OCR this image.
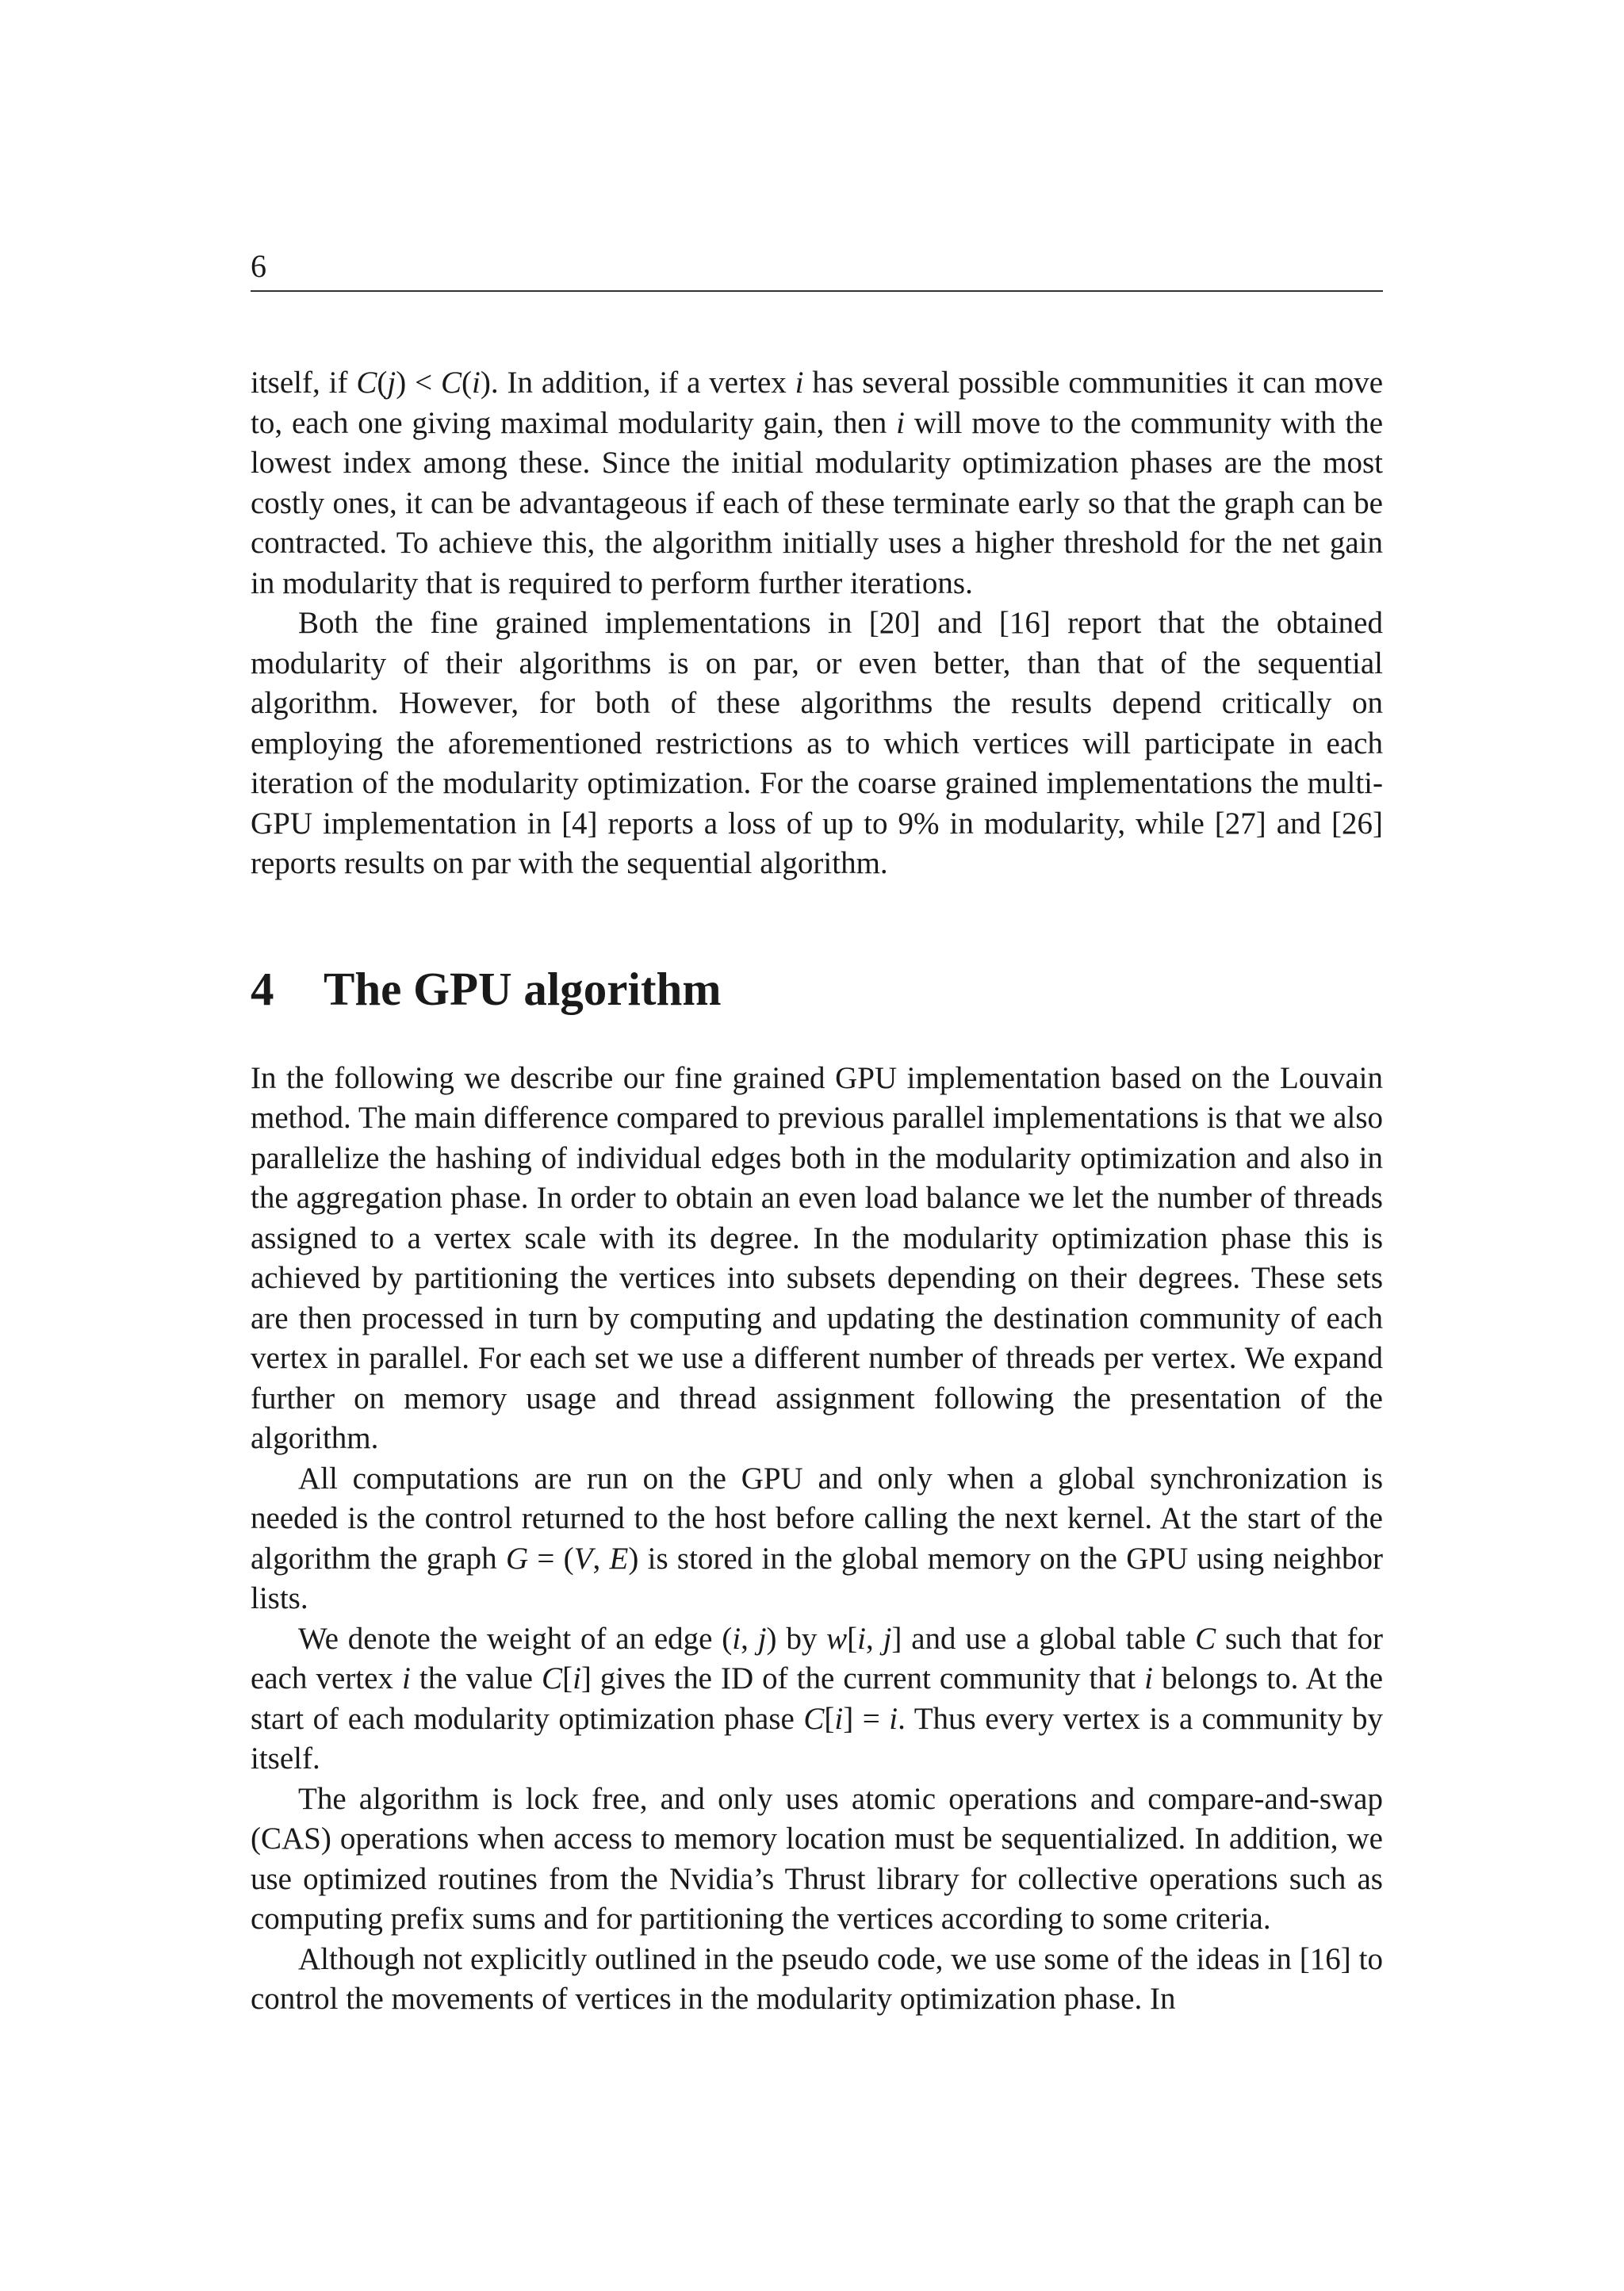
6

itself, if C(j) < C(i). In addition, if a vertex i has several possible communities it can move to, each one giving maximal modularity gain, then i will move to the community with the lowest index among these. Since the initial modularity optimization phases are the most costly ones, it can be advantageous if each of these terminate early so that the graph can be contracted. To achieve this, the algorithm initially uses a higher threshold for the net gain in modularity that is required to perform further iterations.

Both the fine grained implementations in [20] and [16] report that the obtained modularity of their algorithms is on par, or even better, than that of the sequential algorithm. However, for both of these algorithms the results depend critically on employing the aforementioned restrictions as to which vertices will participate in each iteration of the modularity optimization. For the coarse grained implementations the multi-GPU implementation in [4] reports a loss of up to 9% in modularity, while [27] and [26] reports results on par with the sequential algorithm.

4 The GPU algorithm

In the following we describe our fine grained GPU implementation based on the Louvain method. The main difference compared to previous parallel implementations is that we also parallelize the hashing of individual edges both in the modularity optimization and also in the aggregation phase. In order to obtain an even load balance we let the number of threads assigned to a vertex scale with its degree. In the modularity optimization phase this is achieved by partitioning the vertices into subsets depending on their degrees. These sets are then processed in turn by computing and updating the destination community of each vertex in parallel. For each set we use a different number of threads per vertex. We expand further on memory usage and thread assignment following the presentation of the algorithm.

All computations are run on the GPU and only when a global synchronization is needed is the control returned to the host before calling the next kernel. At the start of the algorithm the graph G = (V, E) is stored in the global memory on the GPU using neighbor lists.

We denote the weight of an edge (i, j) by w[i, j] and use a global table C such that for each vertex i the value C[i] gives the ID of the current community that i belongs to. At the start of each modularity optimization phase C[i] = i. Thus every vertex is a community by itself.

The algorithm is lock free, and only uses atomic operations and compare-and-swap (CAS) operations when access to memory location must be sequentialized. In addition, we use optimized routines from the Nvidia’s Thrust library for collective operations such as computing prefix sums and for partitioning the vertices according to some criteria.

Although not explicitly outlined in the pseudo code, we use some of the ideas in [16] to control the movements of vertices in the modularity optimization phase. In
